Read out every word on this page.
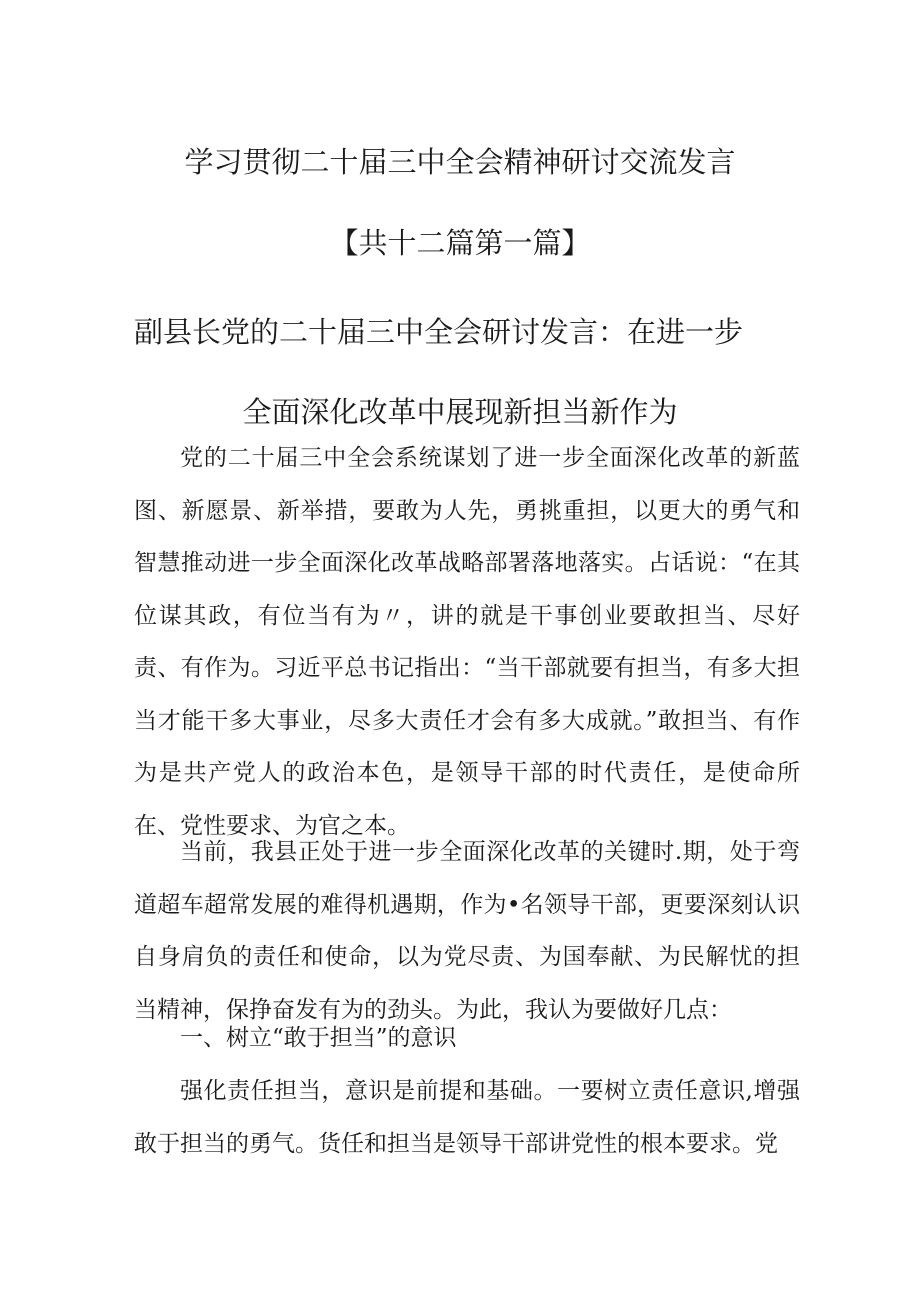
学习贯彻二十届三中全会精神研讨交流发言
【共十二篇第一篇】
副县长党的二十届三中全会研讨发言：在进一步
全面深化改革中展现新担当新作为

党的二十届三中全会系统谋划了进一步全面深化改革的新蓝图、新愿景、新举措，要敢为人先，勇挑重担，以更大的勇气和智慧推动进一步全面深化改革战略部署落地落实。占话说：“在其位谋其政，有位当有为〃，讲的就是干事创业要敢担当、尽好责、有作为。习近平总书记指出：“当干部就要有担当，有多大担当才能干多大事业，尽多大责任才会有多大成就。”敢担当、有作为是共产党人的政治本色，是领导干部的时代责任，是使命所在、党性要求、为官之本。

当前，我县正处于进一步全面深化改革的关键时.期，处于弯道超车超常发展的难得机遇期，作为•名领导干部，更要深刻认识自身肩负的责任和使命，以为党尽责、为国奉献、为民解忧的担当精神，保挣奋发有为的劲头。为此，我认为要做好几点：

一、树立“敢于担当”的意识

强化责任担当，意识是前提和基础。一要树立责任意识,增强敢于担当的勇气。货任和担当是领导干部讲党性的根本要求。党
